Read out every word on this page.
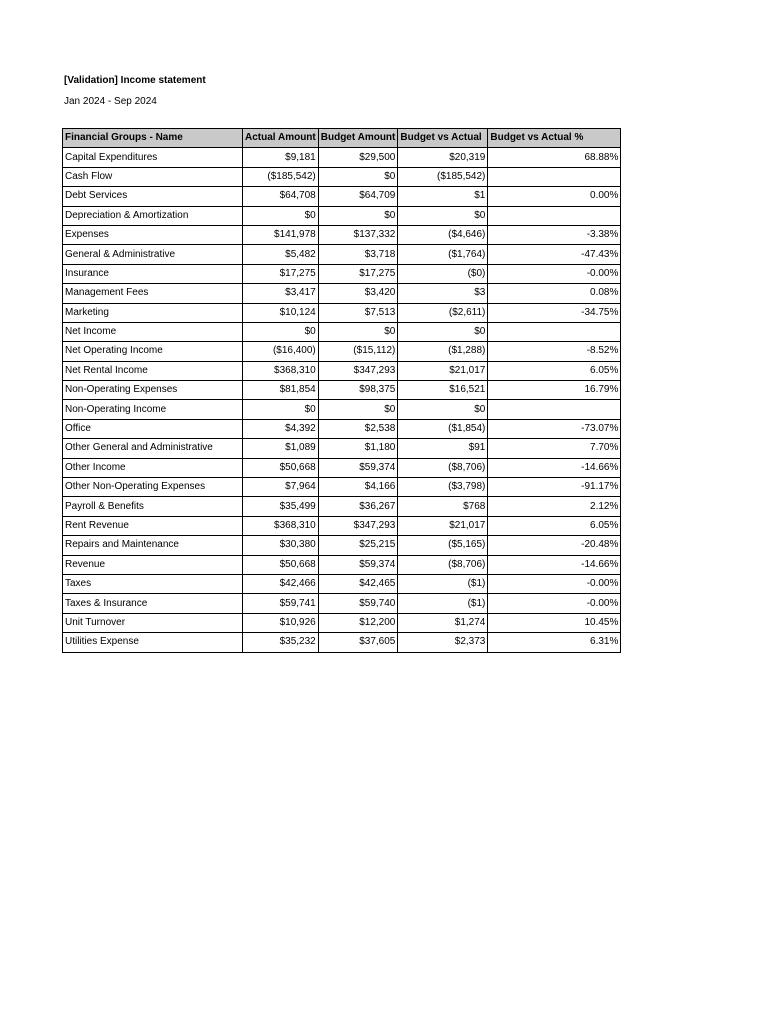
[Validation] Income statement
Jan 2024 - Sep 2024
Financial Groups - Name	Actual Amount	Budget Amount	Budget vs Actual	Budget vs Actual %
Capital Expenditures	$9,181	$29,500	$20,319	68.88%
Cash Flow	($185,542)	$0	($185,542)	
Debt Services	$64,708	$64,709	$1	0.00%
Depreciation & Amortization	$0	$0	$0	
Expenses	$141,978	$137,332	($4,646)	-3.38%
General & Administrative	$5,482	$3,718	($1,764)	-47.43%
Insurance	$17,275	$17,275	($0)	-0.00%
Management Fees	$3,417	$3,420	$3	0.08%
Marketing	$10,124	$7,513	($2,611)	-34.75%
Net Income	$0	$0	$0	
Net Operating Income	($16,400)	($15,112)	($1,288)	-8.52%
Net Rental Income	$368,310	$347,293	$21,017	6.05%
Non-Operating Expenses	$81,854	$98,375	$16,521	16.79%
Non-Operating Income	$0	$0	$0	
Office	$4,392	$2,538	($1,854)	-73.07%
Other General and Administrative	$1,089	$1,180	$91	7.70%
Other Income	$50,668	$59,374	($8,706)	-14.66%
Other Non-Operating Expenses	$7,964	$4,166	($3,798)	-91.17%
Payroll & Benefits	$35,499	$36,267	$768	2.12%
Rent Revenue	$368,310	$347,293	$21,017	6.05%
Repairs and Maintenance	$30,380	$25,215	($5,165)	-20.48%
Revenue	$50,668	$59,374	($8,706)	-14.66%
Taxes	$42,466	$42,465	($1)	-0.00%
Taxes & Insurance	$59,741	$59,740	($1)	-0.00%
Unit Turnover	$10,926	$12,200	$1,274	10.45%
Utilities Expense	$35,232	$37,605	$2,373	6.31%
